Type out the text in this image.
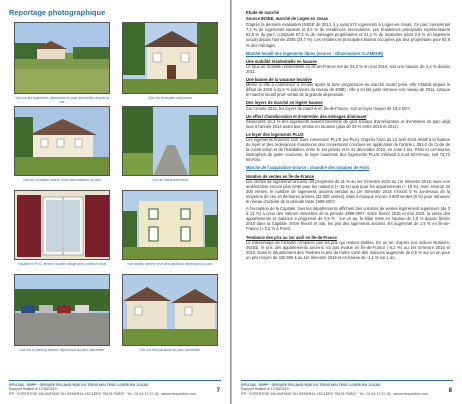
Reportage photographique
Vue sur les logements dépendant du parc immobilier depuis la rue
Vue sur la façade nord-ouest
Vue sur la façade arrière d'une des maisons du parc	Vue de l'environnement
Façade en PVC, fenêtre double vitrage avec volets en bois	Vue depuis l'arrière d'un des pavillons dépendant du parc
Vue sur le parking annexé dépendant du parc immobilier	Vue sur des pavillons du parc immobilier
RP11386 · IRIPP · GROUPE ROLAND RUE DU TROIS MAI 7E0E LOGEE EN JOSAS
Rapport finalisé le 17/06/2019
RP · EXPERTISE 156 AVENUE DU GENERAL LECLERC 75014 PARIS · Tel : 01 42 21 57 39 · www.rhexpertise.com	7
Etude de marché
Source INSEE, marché de Loges en Josas

D'après la dernière évaluation INSEE de 2013, il y avait 572 logements à Loges-en-Josas. Ce parc comprenait 7,2 % de logements vacants et 0,5 % de résidences secondaires. Les résidences principales représentaient 52,5 % du parc, comptant 57,4 % de ménages propriétaires et 41,1 % de locataires (dont 2,9 % en logement social) depuis l'année 2005 (24,7 %). Les résidences principales étaient occupées par leur propriétaire pour 82,9 % des ménages.

Marché locatif des logements libres (source : Observatoire CLAMEUR)
Une mobilité résidentielle en hausse

Le taux de mobilité résidentielle en Île-de-France est de 24,3 % en mai 2016, soit une hausse de 1,4 % depuis 2011.

Une baisse de la vacance locative

Même si elle a commencé à reculer après la forte progression du marché locatif privé, elle s'établit depuis le début de 2015 à 11,5 % (vacances du niveau de 2008) : elle a en fait juste retrouvé son niveau de 2011, lorsque le marché locatif privé sortait de la grande dépression.

Des loyers de marché en légère hausse

Sur l'année 2016, les loyers de marché en Île-de-France, soit un loyer moyen de 19,2 €/m².

Un effort d'amélioration et d'entretien des ménages diminuant

Seulement 16,3 % des logements avaient bénéficié de gros travaux d'amélioration et d'entretien du parc déjà loué à l'année 2014 avant leur remise en location (plus de 33 % entre 2010 et 2011).

Le loyer des logements PLUS

Les logements financés sont sous convention PLUS (ex-PLA). D'après l'avis du 12 avril 2016 relatif à la fixation du loyer et des redevances maximums des conventions conclues en application de l'article L.351-2 du Code de la construction et de l'habitation, entre le 1er janvier et le 31 décembre 2016, en zone 1 bis, Paris et communes limitrophes de petite couronne, le loyer maximum des logements PLUS s'élevait à 6,34 €/m²/mois, soit 73,72 €/m²/an.

Marché de l'acquisition-Source : chambre des notaires de Paris
Nombre de ventes en Île-de-France

Les ventes de logements anciens ont progressé de 11 % au 1er trimestre 2015 au 1er trimestre 2016, avec une amélioration encore plus nette pour les maisons (+ 13 %) que pour les appartements (+ 10 %). Avec environ 33 300 ventes, le nombre de logements anciens vendus au 1er trimestre 2016 s'inscrit 5 % au-dessus de la moyenne de ces 10 dernières années (32 000 ventes). Mais il manque encore 3 800 ventes (6 %) pour retrouver le niveau d'activité de la période faste 1999-2007.

A l'exception de la Capitale, tous les départements affichent des volumes de ventes légèrement supérieurs (de 3 à 13 %) à ceux des mêmes trimestres de la période 1999-2007. Entre février 2016 et mai 2016, la vente des appartements et maisons a progressé de 0,5 % ; sur un an, le bilan reste en hausse de 1,8 % depuis février 2016 dans la Capitale. Entre février et mai, les prix des logements anciens ont augmenté de 1,5 % en Île-de-France (+ 0,5 % à Paris).

Tendance des prix au 1er avril en Île-de-France

Le millésimage de l'activité n'impacte pas les prix qui restent stables. En un an, d'après nos indices Notaires-INSEE, le prix des appartements anciens n'a pas évolué en Île-de-France (-0,2 %) au 1er trimestre 2015 et 2016. Dans le département des Yvelines le prix du mètre carré des maisons augmente de 0,5 % sur un an pour un prix moyen de 330 900 € au 1er trimestre 2016 et en baisse de -1,1 % sur 1 an.

RP11386 · IRIPP · GROUPE ROLAND RUE DU TROIS MAI 7E0E LOGEE EN JOSAS
Rapport finalisé le 17/06/2019
RP · EXPERTISE 156 AVENUE DU GENERAL LECLERC 75014 PARIS · Tel : 01 42 21 57 39 · www.rhexpertise.com	8
